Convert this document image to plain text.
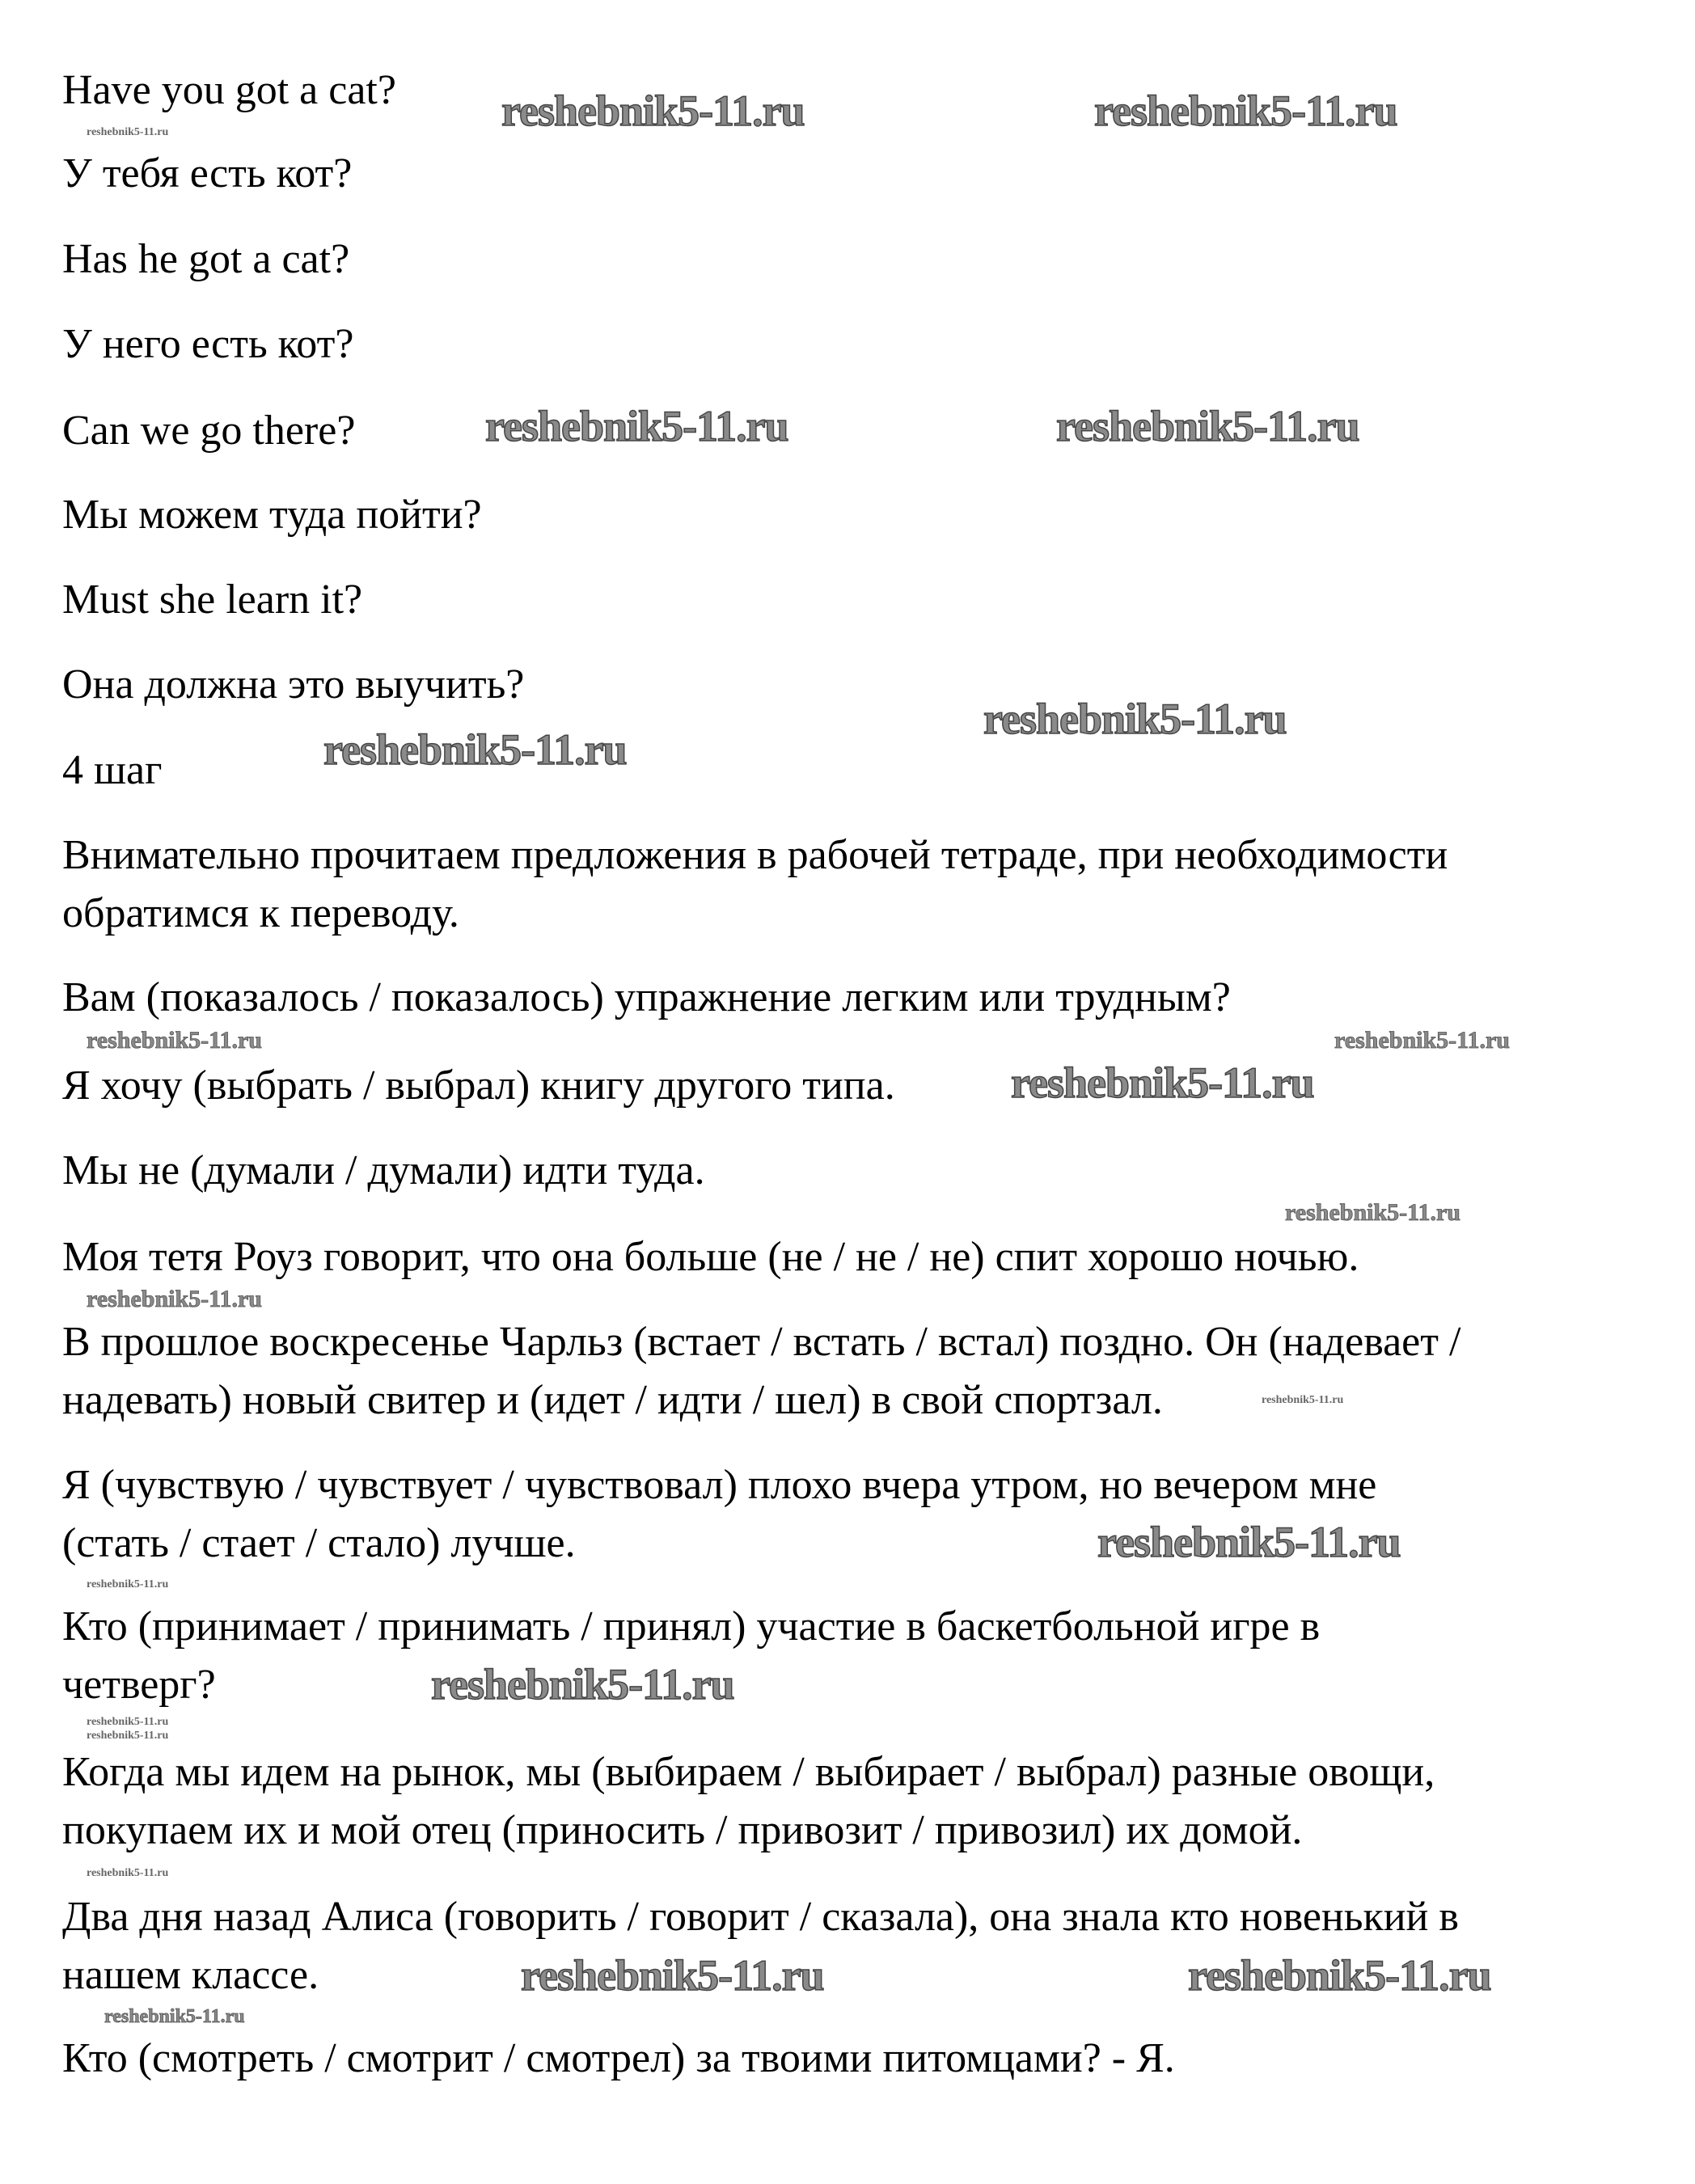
Have you got a cat?

У тебя есть кот?

Has he got a cat?

У него есть кот?

Can we go there?

Мы можем туда пойти?

Must she learn it?

Она должна это выучить?

4 шаг

Внимательно прочитаем предложения в рабочей тетраде, при необходимости

обратимся к переводу.

Вам (показалось / показалось) упражнение легким или трудным?

Я хочу (выбрать / выбрал) книгу другого типа.

Мы не (думали / думали) идти туда.

Моя тетя Роуз говорит, что она больше (не / не / не) спит хорошо ночью.

В прошлое воскресенье Чарльз (встает / встать / встал) поздно. Он (надевает /

надевать) новый свитер и (идет / идти / шел) в свой спортзал.

Я (чувствую / чувствует / чувствовал) плохо вчера утром, но вечером мне

(стать / стает / стало) лучше.

Кто (принимает / принимать / принял) участие в баскетбольной игре в

четверг?

Когда мы идем на рынок, мы (выбираем / выбирает / выбрал) разные овощи,

покупаем их и мой отец (приносить / привозит / привозил) их домой.

Два дня назад Алиса (говорить / говорит / сказала), она знала кто новенький в

нашем классе.

Кто (смотреть / смотрит / смотрел) за твоими питомцами? - Я.

reshebnik5-11.ru	reshebnik5-11.ru
reshebnik5-11.ru	reshebnik5-11.ru
reshebnik5-11.ru
reshebnik5-11.ru
reshebnik5-11.ru
reshebnik5-11.ru
reshebnik5-11.ru
reshebnik5-11.ru	reshebnik5-11.ru
reshebnik5-11.ru	reshebnik5-11.ru
reshebnik5-11.ru
reshebnik5-11.ru
reshebnik5-11.ru
reshebnik5-11.ru
reshebnik5-11.ru
reshebnik5-11.ru
reshebnik5-11.ru
reshebnik5-11.ru
reshebnik5-11.ru
